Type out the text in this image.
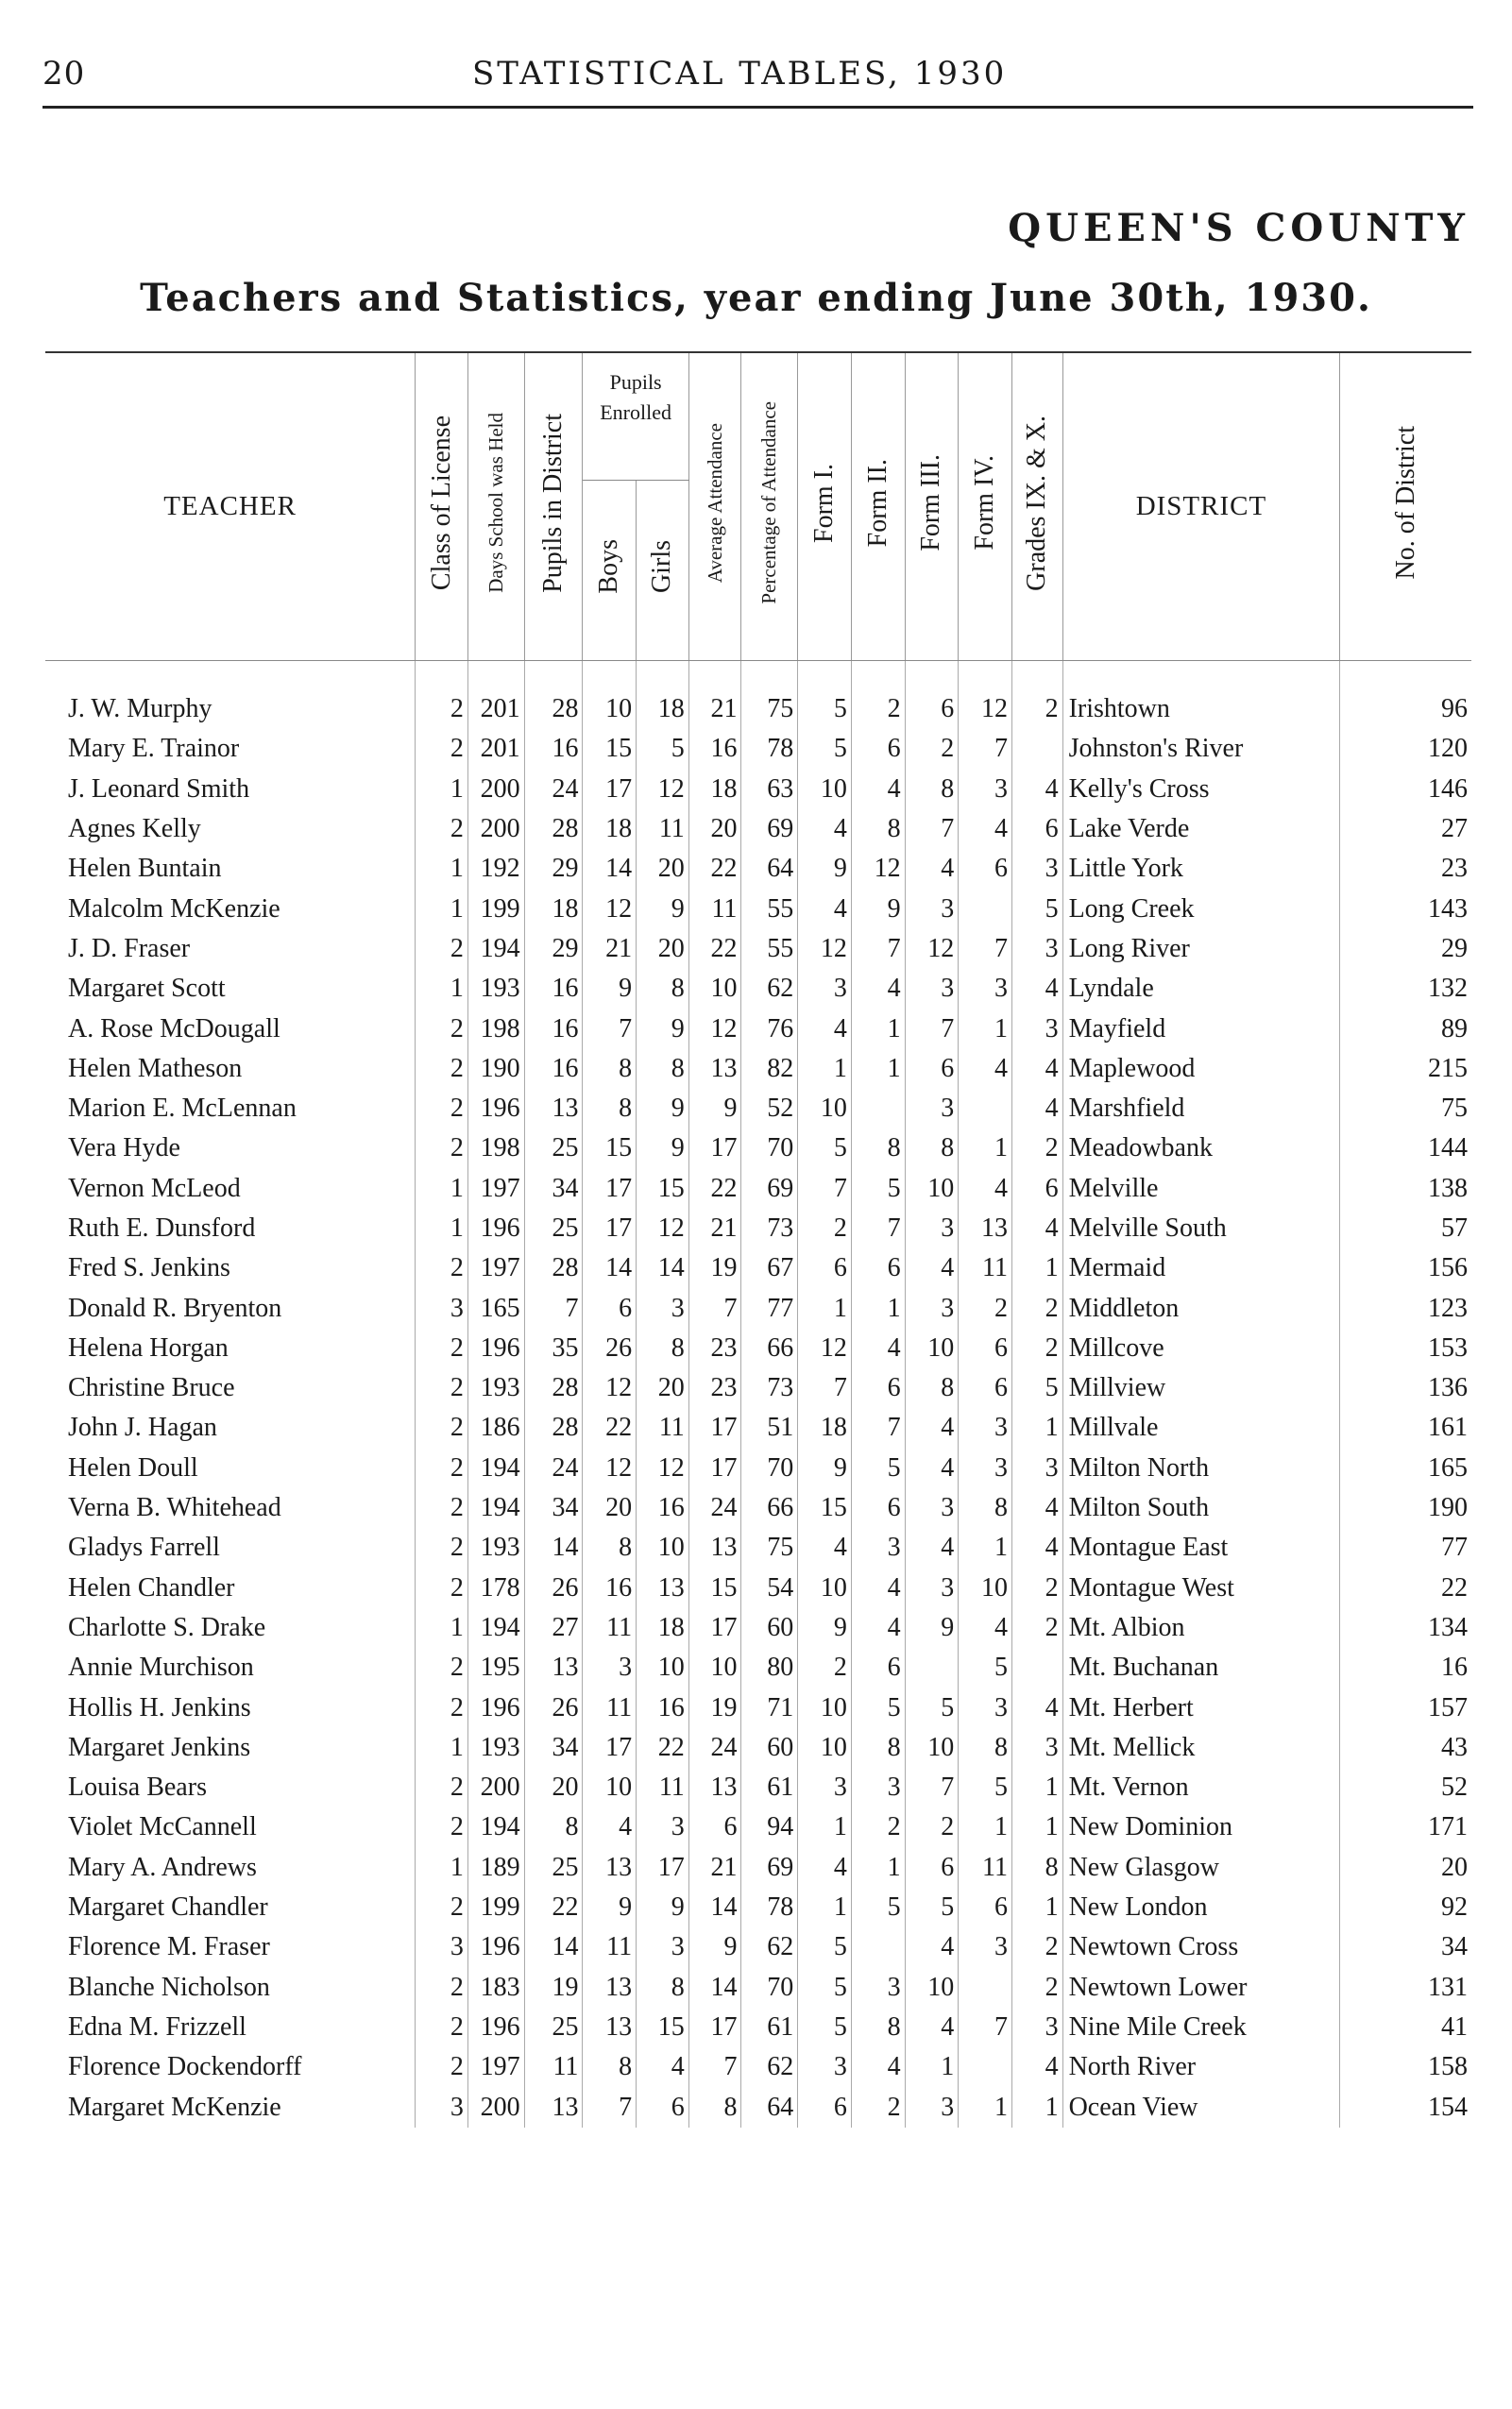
20	STATISTICAL TABLES, 1930
QUEEN'S COUNTY
Teachers and Statistics, year ending June 30th, 1930.
TEACHER	Class of License	Days School was Held	Pupils in District	Pupils Enrolled		Average Attendance	Percentage of Attendance	Form I.	Form II.	Form III.	Form IV.	Grades IX. & X.	DISTRICT	No. of District
				Boys	Girls									
J. W. Murphy	2	201	28	10	18	21	75	5	2	6	12	2	Irishtown	96
Mary E. Trainor	2	201	16	15	5	16	78	5	6	2	7		Johnston's River	120
J. Leonard Smith	1	200	24	17	12	18	63	10	4	8	3	4	Kelly's Cross	146
Agnes Kelly	2	200	28	18	11	20	69	4	8	7	4	6	Lake Verde	27
Helen Buntain	1	192	29	14	20	22	64	9	12	4	6	3	Little York	23
Malcolm McKenzie	1	199	18	12	9	11	55	4	9	3		5	Long Creek	143
J. D. Fraser	2	194	29	21	20	22	55	12	7	12	7	3	Long River	29
Margaret Scott	1	193	16	9	8	10	62	3	4	3	3	4	Lyndale	132
A. Rose McDougall	2	198	16	7	9	12	76	4	1	7	1	3	Mayfield	89
Helen Matheson	2	190	16	8	8	13	82	1	1	6	4	4	Maplewood	215
Marion E. McLennan	2	196	13	8	9	9	52	10		3		4	Marshfield	75
Vera Hyde	2	198	25	15	9	17	70	5	8	8	1	2	Meadowbank	144
Vernon McLeod	1	197	34	17	15	22	69	7	5	10	4	6	Melville	138
Ruth E. Dunsford	1	196	25	17	12	21	73	2	7	3	13	4	Melville South	57
Fred S. Jenkins	2	197	28	14	14	19	67	6	6	4	11	1	Mermaid	156
Donald R. Bryenton	3	165	7	6	3	7	77	1	1	3	2	2	Middleton	123
Helena Horgan	2	196	35	26	8	23	66	12	4	10	6	2	Millcove	153
Christine Bruce	2	193	28	12	20	23	73	7	6	8	6	5	Millview	136
John J. Hagan	2	186	28	22	11	17	51	18	7	4	3	1	Millvale	161
Helen Doull	2	194	24	12	12	17	70	9	5	4	3	3	Milton North	165
Verna B. Whitehead	2	194	34	20	16	24	66	15	6	3	8	4	Milton South	190
Gladys Farrell	2	193	14	8	10	13	75	4	3	4	1	4	Montague East	77
Helen Chandler	2	178	26	16	13	15	54	10	4	3	10	2	Montague West	22
Charlotte S. Drake	1	194	27	11	18	17	60	9	4	9	4	2	Mt. Albion	134
Annie Murchison	2	195	13	3	10	10	80	2	6		5		Mt. Buchanan	16
Hollis H. Jenkins	2	196	26	11	16	19	71	10	5	5	3	4	Mt. Herbert	157
Margaret Jenkins	1	193	34	17	22	24	60	10	8	10	8	3	Mt. Mellick	43
Louisa Bears	2	200	20	10	11	13	61	3	3	7	5	1	Mt. Vernon	52
Violet McCannell	2	194	8	4	3	6	94	1	2	2	1	1	New Dominion	171
Mary A. Andrews	1	189	25	13	17	21	69	4	1	6	11	8	New Glasgow	20
Margaret Chandler	2	199	22	9	9	14	78	1	5	5	6	1	New London	92
Florence M. Fraser	3	196	14	11	3	9	62	5		4	3	2	Newtown Cross	34
Blanche Nicholson	2	183	19	13	8	14	70	5	3	10		2	Newtown Lower	131
Edna M. Frizzell	2	196	25	13	15	17	61	5	8	4	7	3	Nine Mile Creek	41
Florence Dockendorff	2	197	11	8	4	7	62	3	4	1		4	North River	158
Margaret McKenzie	3	200	13	7	6	8	64	6	2	3	1	1	Ocean View	154
